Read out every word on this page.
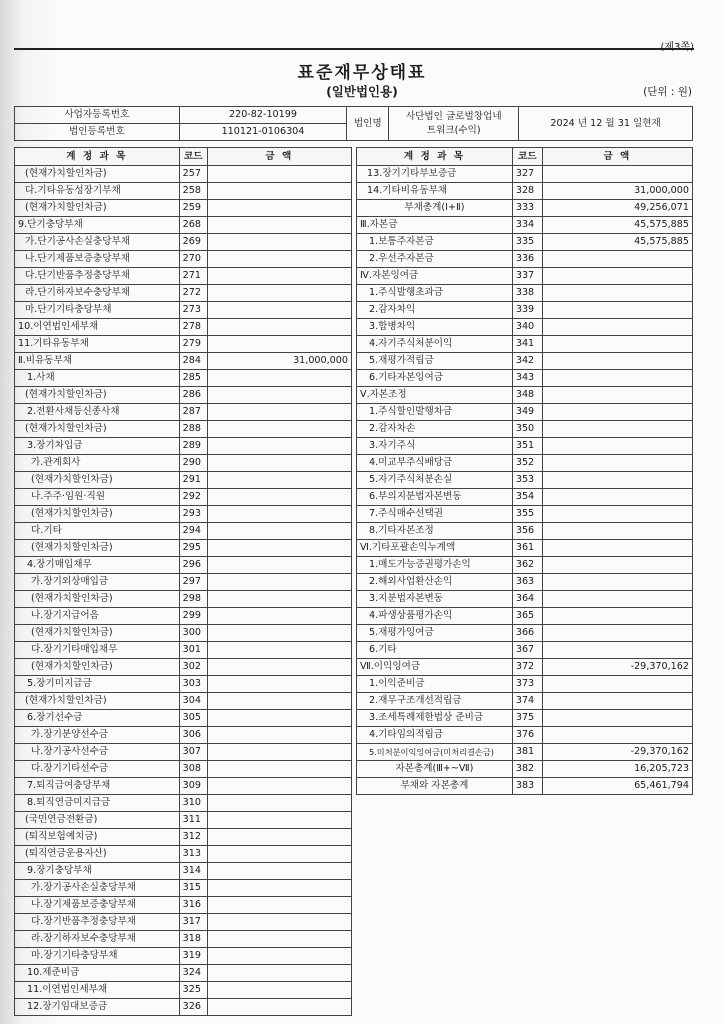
(제3쪽)
표준재무상태표
(일반법인용)	(단위 : 원)
사업자등록번호	220-82-10199	법인명	사단법인 글로벌창업네
트워크(수익)	2024 년 12 월 31 일현재
법인등록번호	110121-0106304			
계 정 과 목	코드	금 액
(현재가치할인차금)	257	
다.기타유동성장기부채	258	
(현재가치할인차금)	259	
9.단기충당부채	268	
가.단기공사손실충당부채	269	
나.단기제품보증충당부채	270	
다.단기반품추정충당부채	271	
라.단기하자보수충당부채	272	
마.단기기타충당부채	273	
10.이연법인세부채	278	
11.기타유동부채	279	
Ⅱ.비유동부채	284	31,000,000
1.사채	285	
(현재가치할인차금)	286	
2.전환사채등신종사채	287	
(현재가치할인차금)	288	
3.장기차입금	289	
가.관계회사	290	
(현재가치할인차금)	291	
나.주주·임원·직원	292	
(현재가치할인차금)	293	
다.기타	294	
(현재가치할인차금)	295	
4.장기매입채무	296	
가.장기외상매입금	297	
(현재가치할인차금)	298	
나.장기지급어음	299	
(현재가치할인차금)	300	
다.장기기타매입채무	301	
(현재가치할인차금)	302	
5.장기미지급금	303	
(현재가치할인차금)	304	
6.장기선수금	305	
가.장기분양선수금	306	
나.장기공사선수금	307	
다.장기기타선수금	308	
7.퇴직급여충당부채	309	
8.퇴직연금미지급금	310	
(국민연금전환금)	311	
(퇴직보험예치금)	312	
(퇴직연금운용자산)	313	
9.장기충당부채	314	
가.장기공사손실충당부채	315	
나.장기제품보증충당부채	316	
다.장기반품추정충당부채	317	
라.장기하자보수충당부채	318	
마.장기기타충당부채	319	
10.제준비금	324	
11.이연법인세부채	325	
12.장기임대보증금	326	
계 정 과 목	코드	금 액
13.장기기타부보증금	327	
14.기타비유동부채	328	31,000,000
부채총계(Ⅰ+Ⅱ)	333	49,256,071
Ⅲ.자본금	334	45,575,885
1.보통주자본금	335	45,575,885
2.우선주자본금	336	
Ⅳ.자본잉여금	337	
1.주식발행초과금	338	
2.감자차익	339	
3.합병차익	340	
4.자기주식처분이익	341	
5.재평가적립금	342	
6.기타자본잉여금	343	
Ⅴ.자본조정	348	
1.주식할인발행차금	349	
2.감자차손	350	
3.자기주식	351	
4.미교부주식배당금	352	
5.자기주식처분손실	353	
6.부의지분법자본변동	354	
7.주식매수선택권	355	
8.기타자본조정	356	
Ⅵ.기타포괄손익누계액	361	
1.매도가능증권평가손익	362	
2.해외사업환산손익	363	
3.지분법자본변동	364	
4.파생상품평가손익	365	
5.재평가잉여금	366	
6.기타	367	
Ⅶ.이익잉여금	372	-29,370,162
1.이익준비금	373	
2.재무구조개선적립금	374	
3.조세특례제한법상 준비금	375	
4.기타임의적립금	376	
5.미처분이익잉여금(미처리결손금)	381	-29,370,162
자본총계(Ⅲ+~Ⅶ)	382	16,205,723
부채와 자본총계	383	65,461,794
